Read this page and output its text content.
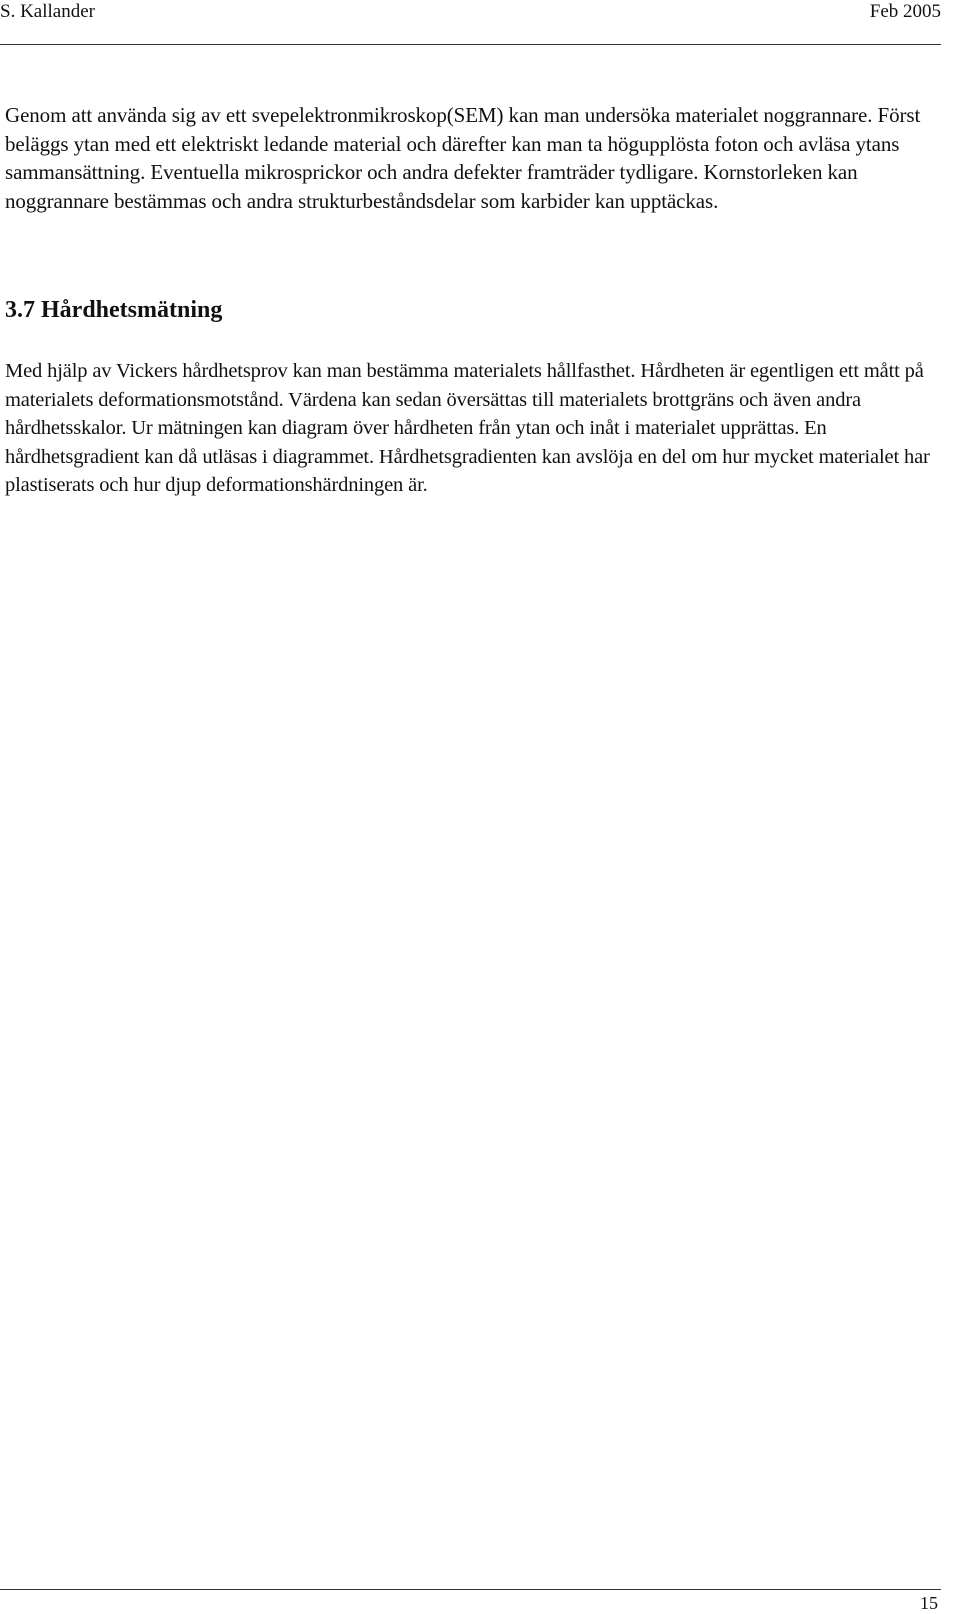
S. Kallander	Feb 2005

Genom att använda sig av ett svepelektronmikroskop(SEM) kan man undersöka materialet noggrannare. Först beläggs ytan med ett elektriskt ledande material och därefter kan man ta högupplösta foton och avläsa ytans sammansättning. Eventuella mikrosprickor och andra defekter framträder tydligare. Kornstorleken kan noggrannare bestämmas och andra strukturbeståndsdelar som karbider kan upptäckas.

3.7 Hårdhetsmätning

Med hjälp av Vickers hårdhetsprov kan man bestämma materialets hållfasthet. Hårdheten är egentligen ett mått på materialets deformationsmotstånd. Värdena kan sedan översättas till materialets brottgräns och även andra hårdhetsskalor. Ur mätningen kan diagram över hårdheten från ytan och inåt i materialet upprättas. En hårdhetsgradient kan då utläsas i diagrammet. Hårdhetsgradienten kan avslöja en del om hur mycket materialet har plastiserats och hur djup deformationshärdningen är.

15
